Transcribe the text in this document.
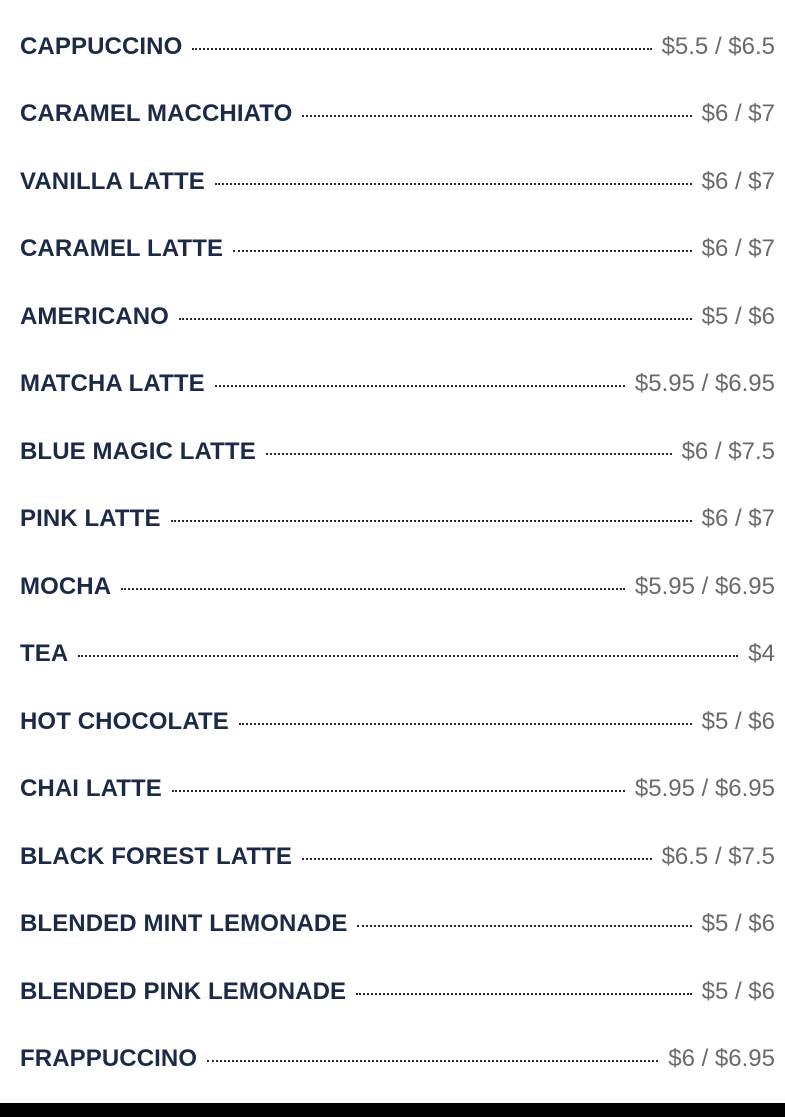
CAPPUCCINO	$5.5 / $6.5
CARAMEL MACCHIATO	$6 / $7
VANILLA LATTE	$6 / $7
CARAMEL LATTE	$6 / $7
AMERICANO	$5 / $6
MATCHA LATTE	$5.95 / $6.95
BLUE MAGIC LATTE	$6 / $7.5
PINK LATTE	$6 / $7
MOCHA	$5.95 / $6.95
TEA	$4
HOT CHOCOLATE	$5 / $6
CHAI LATTE	$5.95 / $6.95
BLACK FOREST LATTE	$6.5 / $7.5
BLENDED MINT LEMONADE	$5 / $6
BLENDED PINK LEMONADE	$5 / $6
FRAPPUCCINO	$6 / $6.95
